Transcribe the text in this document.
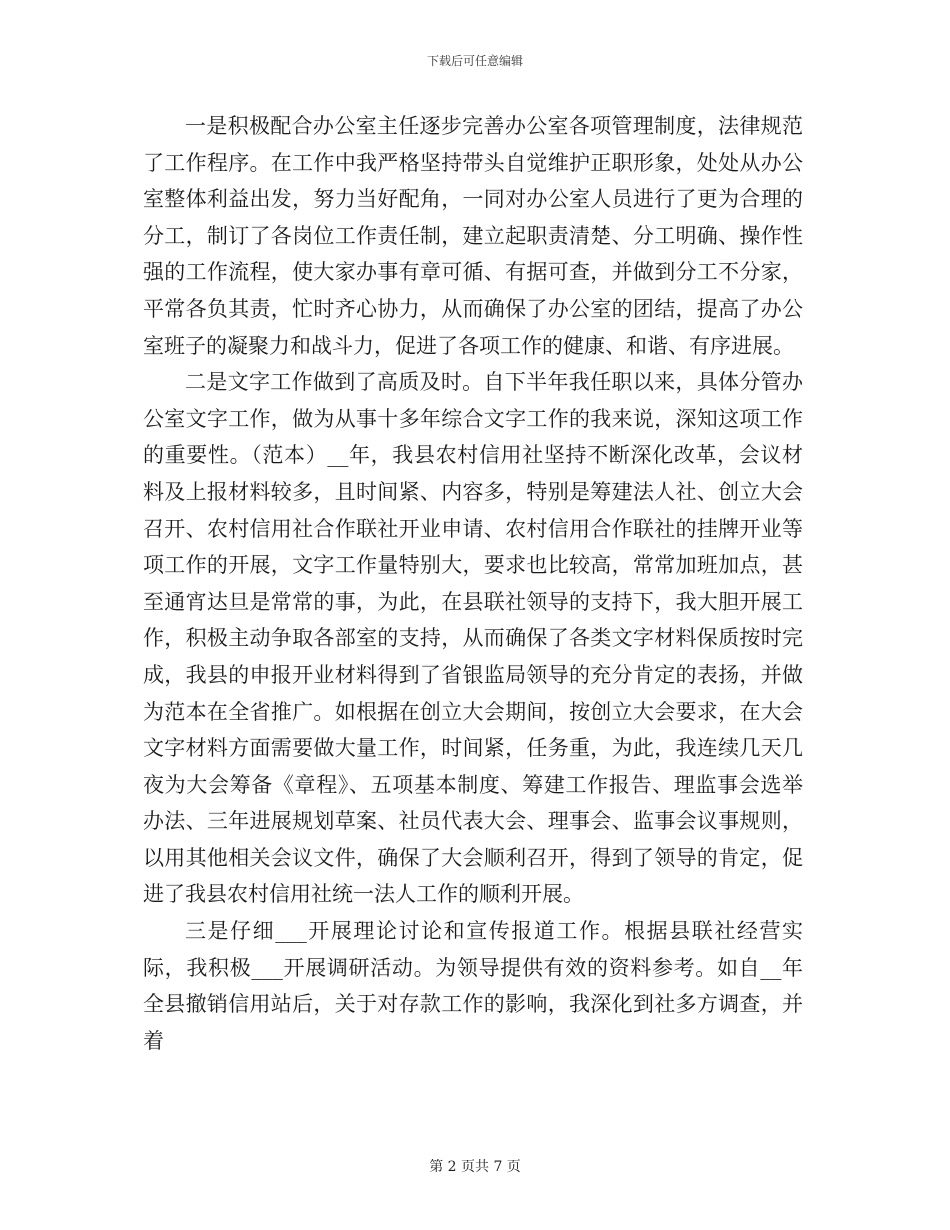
下载后可任意编辑

一是积极配合办公室主任逐步完善办公室各项管理制度，法律规范了工作程序。在工作中我严格坚持带头自觉维护正职形象，处处从办公室整体利益出发，努力当好配角，一同对办公室人员进行了更为合理的分工，制订了各岗位工作责任制，建立起职责清楚、分工明确、操作性强的工作流程，使大家办事有章可循、有据可查，并做到分工不分家，平常各负其责，忙时齐心协力，从而确保了办公室的团结，提高了办公室班子的凝聚力和战斗力，促进了各项工作的健康、和谐、有序进展。

二是文字工作做到了高质及时。自下半年我任职以来，具体分管办公室文字工作，做为从事十多年综合文字工作的我来说，深知这项工作的重要性。（范本）__年，我县农村信用社坚持不断深化改革，会议材料及上报材料较多，且时间紧、内容多，特别是筹建法人社、创立大会召开、农村信用社合作联社开业申请、农村信用合作联社的挂牌开业等项工作的开展，文字工作量特别大，要求也比较高，常常加班加点，甚至通宵达旦是常常的事，为此，在县联社领导的支持下，我大胆开展工作，积极主动争取各部室的支持，从而确保了各类文字材料保质按时完成，我县的申报开业材料得到了省银监局领导的充分肯定的表扬，并做为范本在全省推广。如根据在创立大会期间，按创立大会要求，在大会文字材料方面需要做大量工作，时间紧，任务重，为此，我连续几天几夜为大会筹备《章程》、五项基本制度、筹建工作报告、理监事会选举办法、三年进展规划草案、社员代表大会、理事会、监事会议事规则，以用其他相关会议文件，确保了大会顺利召开，得到了领导的肯定，促进了我县农村信用社统一法人工作的顺利开展。

三是仔细___开展理论讨论和宣传报道工作。根据县联社经营实际，我积极___开展调研活动。为领导提供有效的资料参考。如自__年全县撤销信用站后，关于对存款工作的影响，我深化到社多方调查，并着

第 2 页共 7 页
